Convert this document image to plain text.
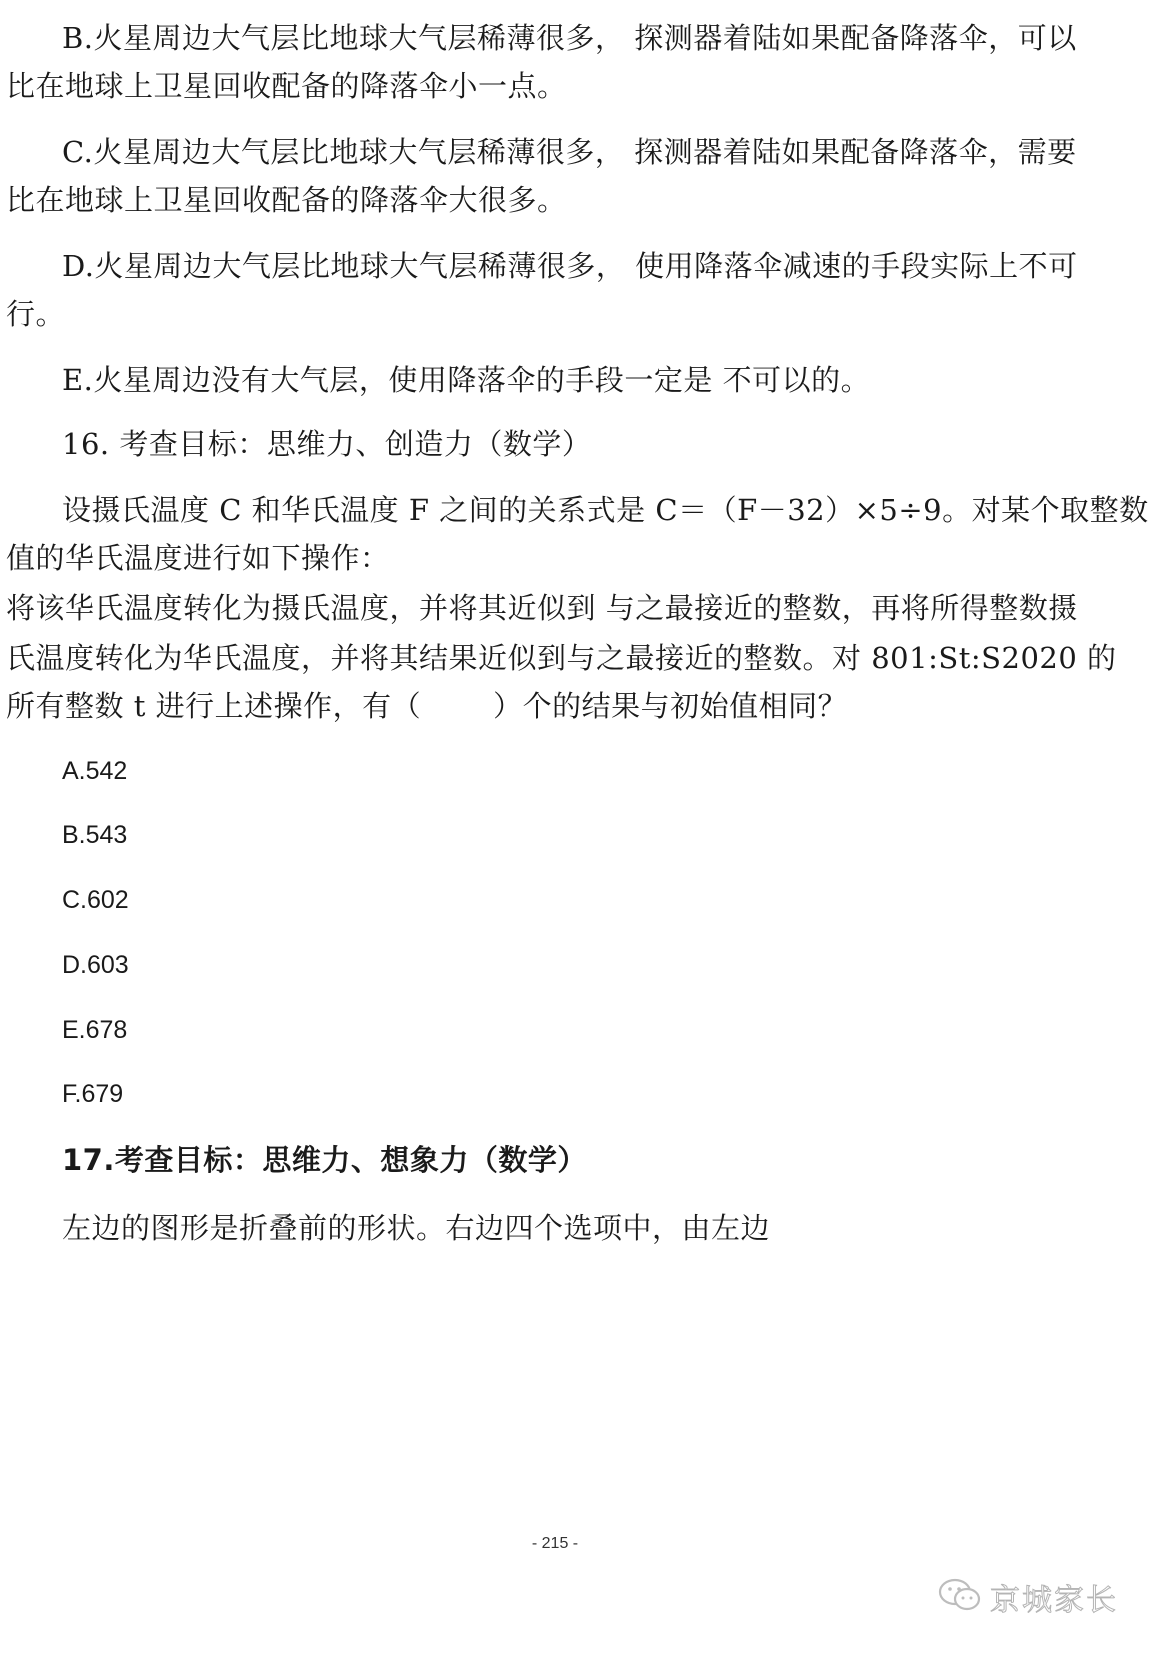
B.火星周边大气层比地球大气层稀薄很多， 探测器着陆如果配备降落伞，可以
比在地球上卫星回收配备的降落伞小一点。
C.火星周边大气层比地球大气层稀薄很多， 探测器着陆如果配备降落伞，需要
比在地球上卫星回收配备的降落伞大很多。
D.火星周边大气层比地球大气层稀薄很多， 使用降落伞减速的手段实际上不可
行。
E.火星周边没有大气层，使用降落伞的手段一定是 不可以的。
16. 考查目标：思维力、创造力（数学）
设摄氏温度 C 和华氏温度 F 之间的关系式是 C＝（F－32）×5÷9。对某个取整数
值的华氏温度进行如下操作：
将该华氏温度转化为摄氏温度，并将其近似到 与之最接近的整数，再将所得整数摄
氏温度转化为华氏温度，并将其结果近似到与之最接近的整数。对 801:St:S2020 的
所有整数 t 进行上述操作，有（ ）个的结果与初始值相同？
A.542
B.543
C.602
D.603
E.678
F.679
17.考查目标：思维力、想象力（数学）
左边的图形是折叠前的形状。右边四个选项中，由左边
- 215 -
京城家长
